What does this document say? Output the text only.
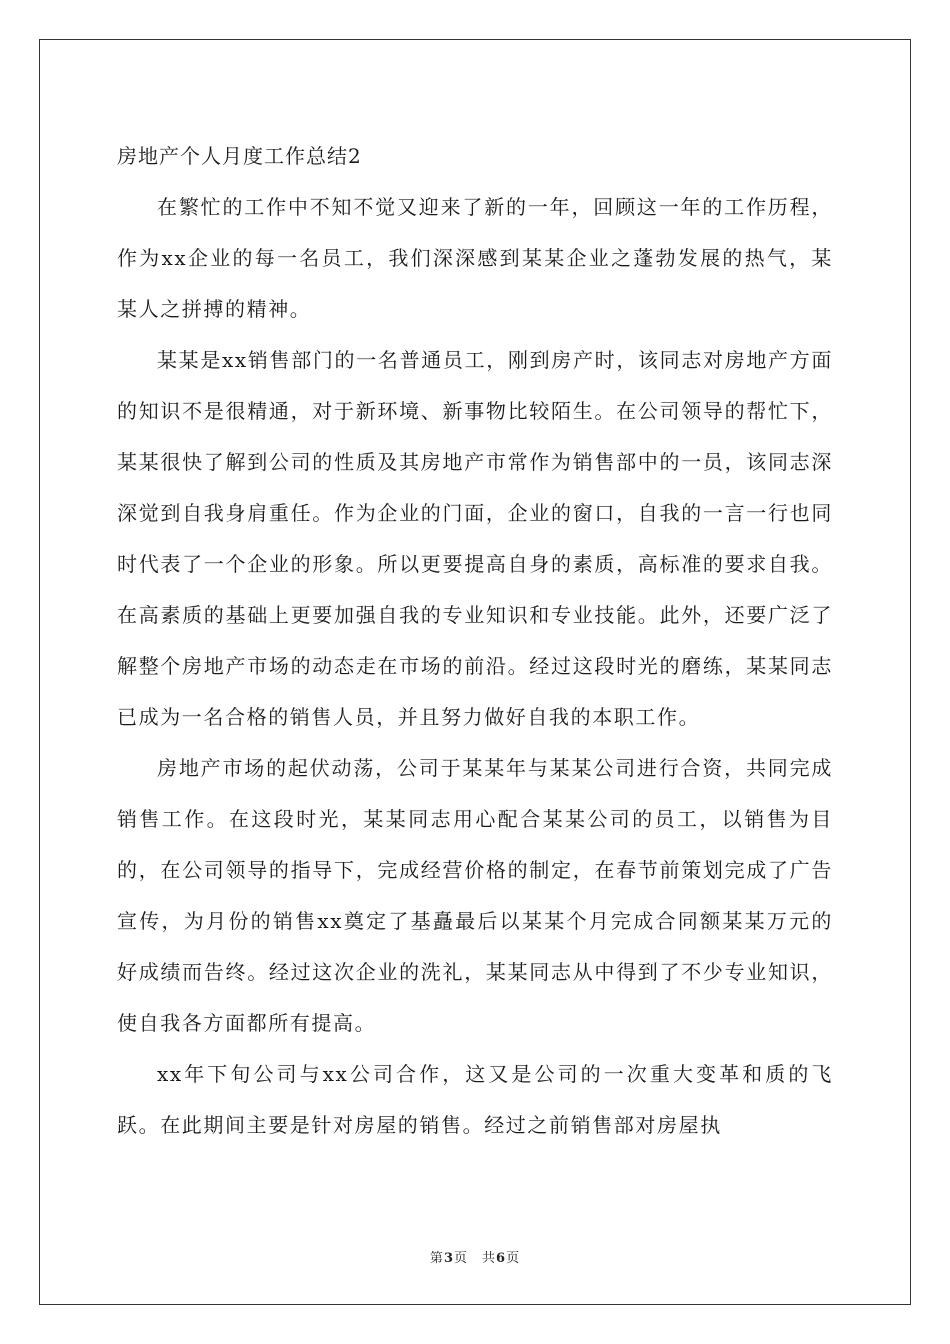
房地产个人月度工作总结2

在繁忙的工作中不知不觉又迎来了新的一年，回顾这一年的工作历程，作为xx企业的每一名员工，我们深深感到某某企业之蓬勃发展的热气，某某人之拼搏的精神。

某某是xx销售部门的一名普通员工，刚到房产时，该同志对房地产方面的知识不是很精通，对于新环境、新事物比较陌生。在公司领导的帮忙下，某某很快了解到公司的性质及其房地产市常作为销售部中的一员，该同志深深觉到自我身肩重任。作为企业的门面，企业的窗口，自我的一言一行也同时代表了一个企业的形象。所以更要提高自身的素质，高标准的要求自我。在高素质的基础上更要加强自我的专业知识和专业技能。此外，还要广泛了解整个房地产市场的动态走在市场的前沿。经过这段时光的磨练，某某同志已成为一名合格的销售人员，并且努力做好自我的本职工作。

房地产市场的起伏动荡，公司于某某年与某某公司进行合资，共同完成销售工作。在这段时光，某某同志用心配合某某公司的员工，以销售为目的，在公司领导的指导下，完成经营价格的制定，在春节前策划完成了广告宣传，为月份的销售xx奠定了基矗最后以某某个月完成合同额某某万元的好成绩而告终。经过这次企业的洗礼，某某同志从中得到了不少专业知识，使自我各方面都所有提高。

xx年下旬公司与xx公司合作，这又是公司的一次重大变革和质的飞跃。在此期间主要是针对房屋的销售。经过之前销售部对房屋执

第3页 共6页
